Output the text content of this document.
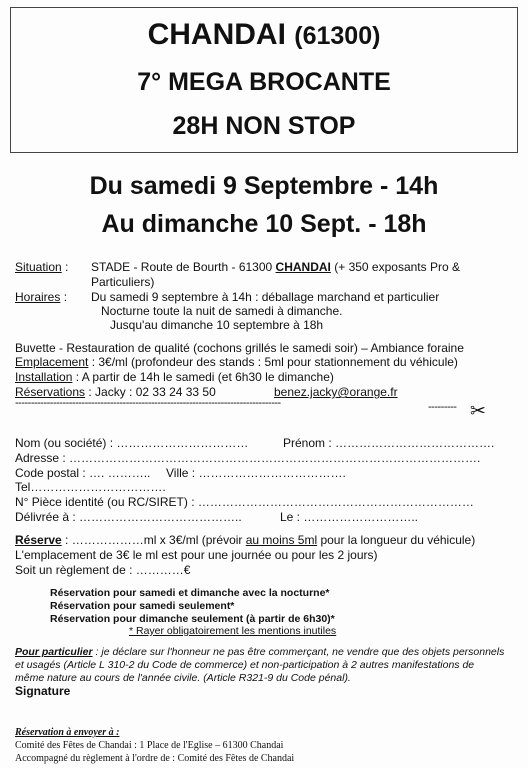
CHANDAI (61300)
7° MEGA BROCANTE
28H NON STOP
Du samedi 9 Septembre - 14h
Au dimanche 10 Sept. - 18h
Situation : STADE - Route de Bourth - 61300 CHANDAI (+ 350 exposants Pro &
Particuliers)
Horaires : Du samedi 9 septembre à 14h : déballage marchand et particulier
Nocturne toute la nuit de samedi à dimanche.
Jusqu'au dimanche 10 septembre à 18h
Buvette - Restauration de qualité (cochons grillés le samedi soir) – Ambiance foraine
Emplacement : 3€/ml (profondeur des stands : 5ml pour stationnement du véhicule)
Installation : A partir de 14h le samedi (et 6h30 le dimanche)
Réservations : Jacky : 02 33 24 33 50	benez.jacky@orange.fr
------------------------------------------------------------------------------------	--------- ✂
Nom (ou société) : ……………………………	Prénom : ………………………………….
Adresse : ………………………………………………………………………………………….
Code postal : …. ……….. Ville : ……………………………….
Tel…………………………….
N° Pièce identité (ou RC/SIRET) : ……………………………………………………………
Délivrée à : …………………………………..	Le : ………………………..
Réserve : ………………ml x 3€/ml (prévoir au moins 5ml pour la longueur du véhicule)
L'emplacement de 3€ le ml est pour une journée ou pour les 2 jours)
Soit un règlement de : …………€
Réservation pour samedi et dimanche avec la nocturne*
Réservation pour samedi seulement*
Réservation pour dimanche seulement (à partir de 6h30)*
* Rayer obligatoirement les mentions inutiles
Pour particulier : je déclare sur l'honneur ne pas être commerçant, ne vendre que des objets personnels
et usagés (Article L 310-2 du Code de commerce) et non-participation à 2 autres manifestations de
même nature au cours de l'année civile. (Article R321-9 du Code pénal).
Signature
Réservation à envoyer à :
Comité des Fêtes de Chandai : 1 Place de l'Eglise – 61300 Chandai
Accompagné du règlement à l'ordre de : Comité des Fêtes de Chandai
